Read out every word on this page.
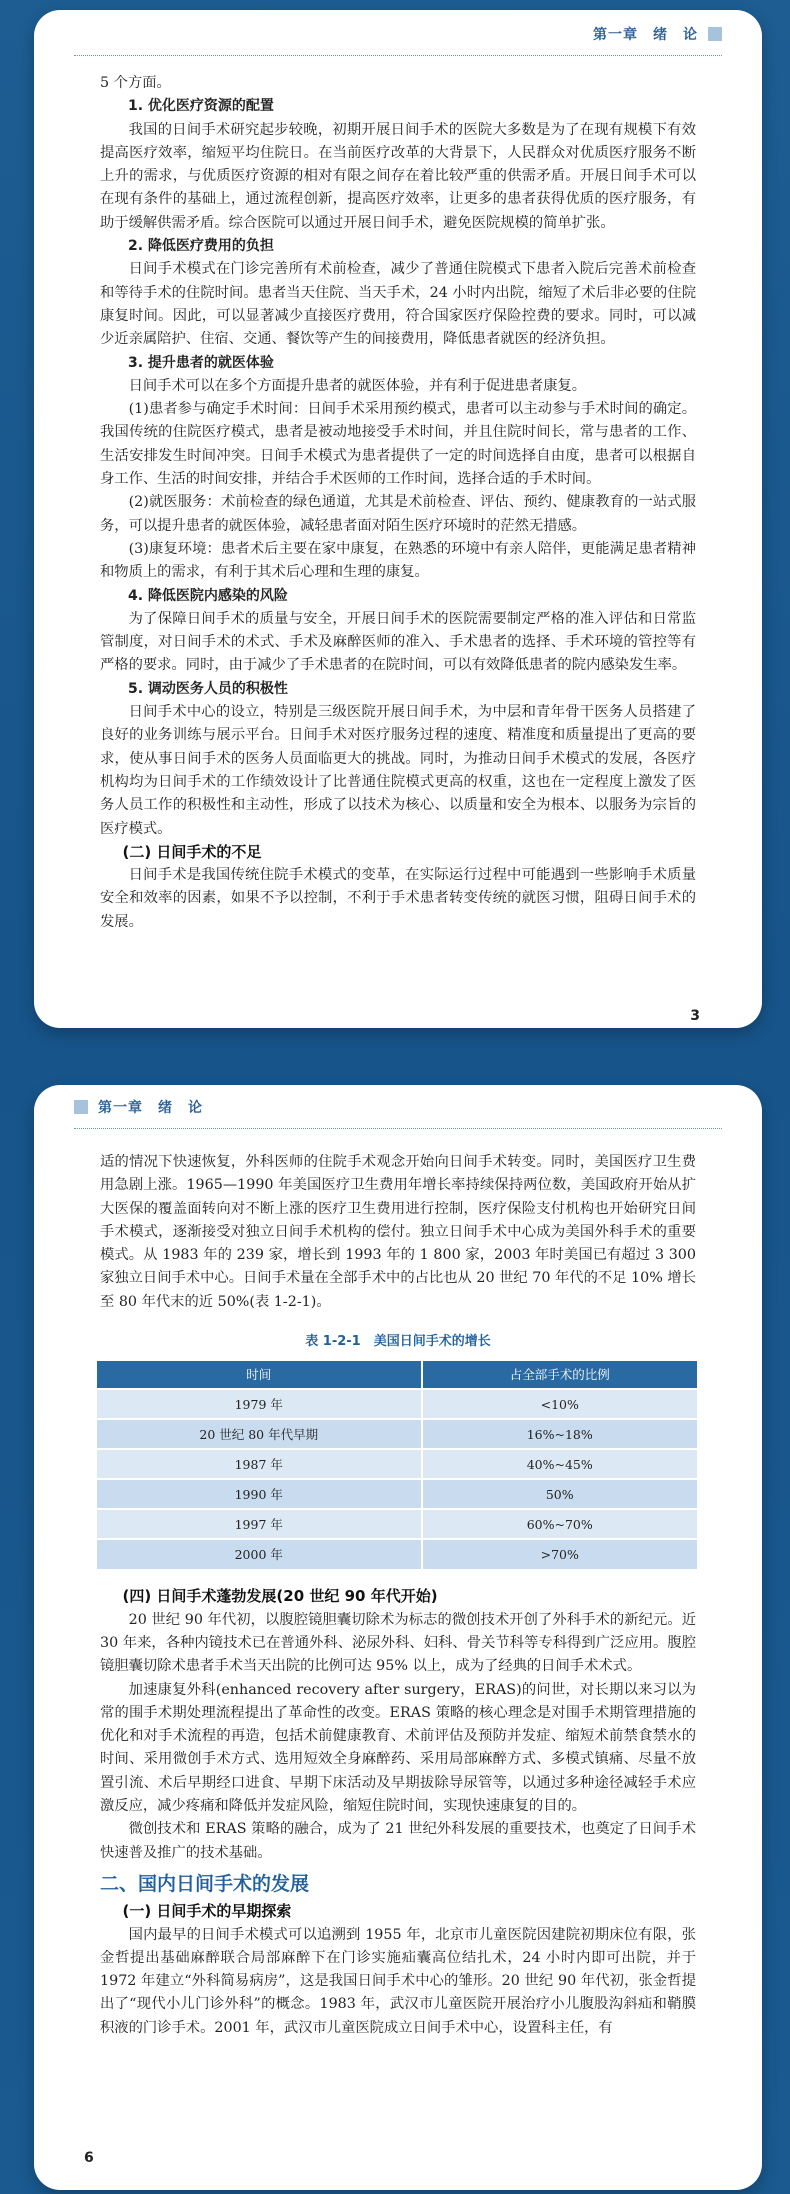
第一章　绪　论

5 个方面。

1. 优化医疗资源的配置

我国的日间手术研究起步较晚，初期开展日间手术的医院大多数是为了在现有规模下有效提高医疗效率，缩短平均住院日。在当前医疗改革的大背景下，人民群众对优质医疗服务不断上升的需求，与优质医疗资源的相对有限之间存在着比较严重的供需矛盾。开展日间手术可以在现有条件的基础上，通过流程创新，提高医疗效率，让更多的患者获得优质的医疗服务，有助于缓解供需矛盾。综合医院可以通过开展日间手术，避免医院规模的简单扩张。

2. 降低医疗费用的负担

日间手术模式在门诊完善所有术前检查，减少了普通住院模式下患者入院后完善术前检查和等待手术的住院时间。患者当天住院、当天手术，24 小时内出院，缩短了术后非必要的住院康复时间。因此，可以显著减少直接医疗费用，符合国家医疗保险控费的要求。同时，可以减少近亲属陪护、住宿、交通、餐饮等产生的间接费用，降低患者就医的经济负担。

3. 提升患者的就医体验

日间手术可以在多个方面提升患者的就医体验，并有利于促进患者康复。

(1)患者参与确定手术时间：日间手术采用预约模式，患者可以主动参与手术时间的确定。我国传统的住院医疗模式，患者是被动地接受手术时间，并且住院时间长，常与患者的工作、生活安排发生时间冲突。日间手术模式为患者提供了一定的时间选择自由度，患者可以根据自身工作、生活的时间安排，并结合手术医师的工作时间，选择合适的手术时间。

(2)就医服务：术前检查的绿色通道，尤其是术前检查、评估、预约、健康教育的一站式服务，可以提升患者的就医体验，减轻患者面对陌生医疗环境时的茫然无措感。

(3)康复环境：患者术后主要在家中康复，在熟悉的环境中有亲人陪伴，更能满足患者精神和物质上的需求，有利于其术后心理和生理的康复。

4. 降低医院内感染的风险

为了保障日间手术的质量与安全，开展日间手术的医院需要制定严格的准入评估和日常监管制度，对日间手术的术式、手术及麻醉医师的准入、手术患者的选择、手术环境的管控等有严格的要求。同时，由于减少了手术患者的在院时间，可以有效降低患者的院内感染发生率。

5. 调动医务人员的积极性

日间手术中心的设立，特别是三级医院开展日间手术，为中层和青年骨干医务人员搭建了良好的业务训练与展示平台。日间手术对医疗服务过程的速度、精准度和质量提出了更高的要求，使从事日间手术的医务人员面临更大的挑战。同时，为推动日间手术模式的发展，各医疗机构均为日间手术的工作绩效设计了比普通住院模式更高的权重，这也在一定程度上激发了医务人员工作的积极性和主动性，形成了以技术为核心、以质量和安全为根本、以服务为宗旨的医疗模式。

(二) 日间手术的不足

日间手术是我国传统住院手术模式的变革，在实际运行过程中可能遇到一些影响手术质量安全和效率的因素，如果不予以控制，不利于手术患者转变传统的就医习惯，阻碍日间手术的发展。

3
第一章　绪　论

适的情况下快速恢复，外科医师的住院手术观念开始向日间手术转变。同时，美国医疗卫生费用急剧上涨。1965—1990 年美国医疗卫生费用年增长率持续保持两位数，美国政府开始从扩大医保的覆盖面转向对不断上涨的医疗卫生费用进行控制，医疗保险支付机构也开始研究日间手术模式，逐渐接受对独立日间手术机构的偿付。独立日间手术中心成为美国外科手术的重要模式。从 1983 年的 239 家，增长到 1993 年的 1 800 家，2003 年时美国已有超过 3 300 家独立日间手术中心。日间手术量在全部手术中的占比也从 20 世纪 70 年代的不足 10% 增长至 80 年代末的近 50%(表 1-2-1)。

表 1-2-1　美国日间手术的增长
时间	占全部手术的比例
1979 年	<10%
20 世纪 80 年代早期	16%~18%
1987 年	40%~45%
1990 年	50%
1997 年	60%~70%
2000 年	>70%

(四) 日间手术蓬勃发展(20 世纪 90 年代开始)

20 世纪 90 年代初，以腹腔镜胆囊切除术为标志的微创技术开创了外科手术的新纪元。近 30 年来，各种内镜技术已在普通外科、泌尿外科、妇科、骨关节科等专科得到广泛应用。腹腔镜胆囊切除术患者手术当天出院的比例可达 95% 以上，成为了经典的日间手术术式。

加速康复外科(enhanced recovery after surgery，ERAS)的问世，对长期以来习以为常的围手术期处理流程提出了革命性的改变。ERAS 策略的核心理念是对围手术期管理措施的优化和对手术流程的再造，包括术前健康教育、术前评估及预防并发症、缩短术前禁食禁水的时间、采用微创手术方式、选用短效全身麻醉药、采用局部麻醉方式、多模式镇痛、尽量不放置引流、术后早期经口进食、早期下床活动及早期拔除导尿管等，以通过多种途径减轻手术应激反应，减少疼痛和降低并发症风险，缩短住院时间，实现快速康复的目的。

微创技术和 ERAS 策略的融合，成为了 21 世纪外科发展的重要技术，也奠定了日间手术快速普及推广的技术基础。

二、国内日间手术的发展

(一) 日间手术的早期探索

国内最早的日间手术模式可以追溯到 1955 年，北京市儿童医院因建院初期床位有限，张金哲提出基础麻醉联合局部麻醉下在门诊实施疝囊高位结扎术，24 小时内即可出院，并于 1972 年建立“外科简易病房”，这是我国日间手术中心的雏形。20 世纪 90 年代初，张金哲提出了“现代小儿门诊外科”的概念。1983 年，武汉市儿童医院开展治疗小儿腹股沟斜疝和鞘膜积液的门诊手术。2001 年，武汉市儿童医院成立日间手术中心，设置科主任，有

6
